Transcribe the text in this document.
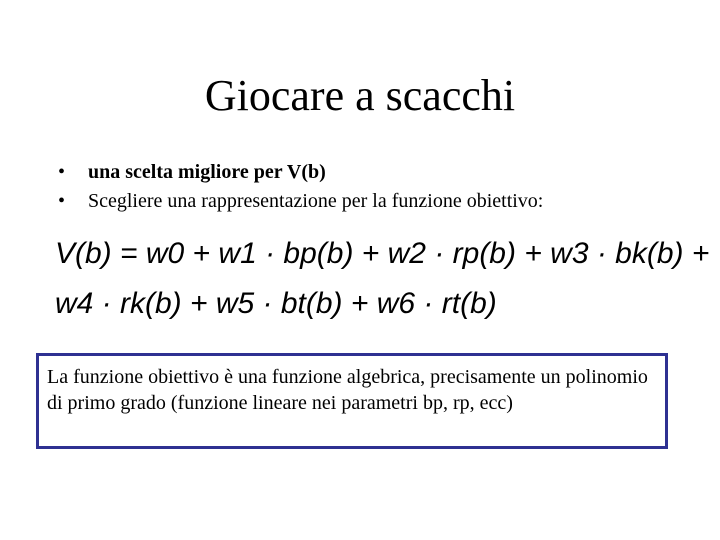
Giocare a scacchi
• una scelta migliore per V(b)
• Scegliere una rappresentazione per la funzione obiettivo:
V(b) = w0 + w1 · bp(b) + w2 · rp(b) + w3 · bk(b) +
w4 · rk(b) + w5 · bt(b) + w6 · rt(b)
La funzione obiettivo è una funzione algebrica, precisamente un polinomio di primo grado (funzione lineare nei parametri bp, rp, ecc)
